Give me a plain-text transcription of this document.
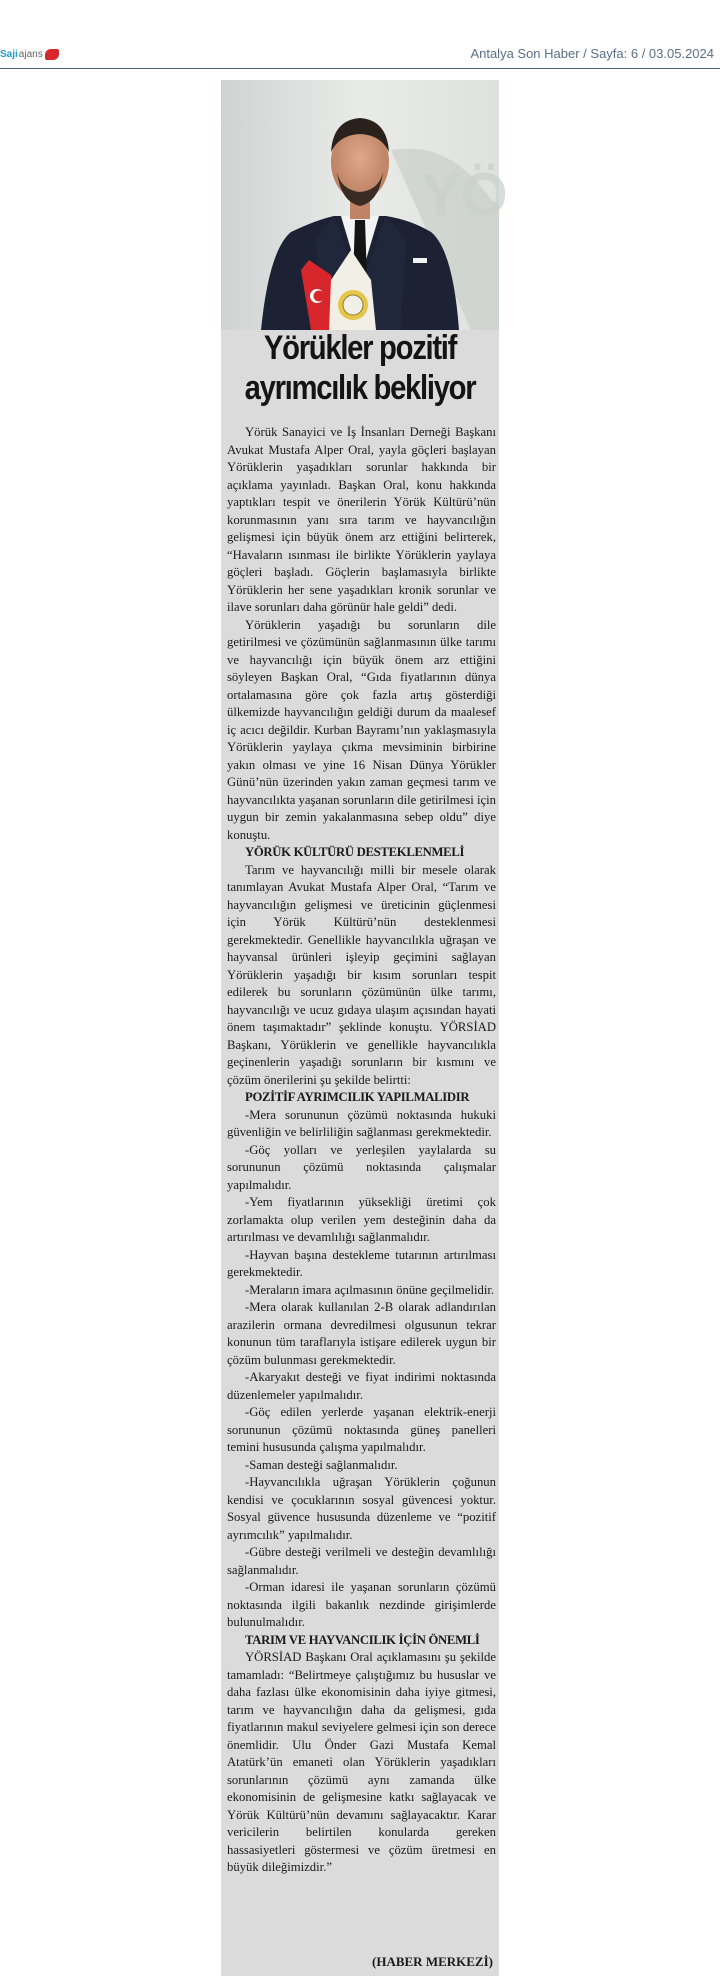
Saji ajans	Antalya Son Haber / Sayfa: 6 / 03.05.2024
YÖ
Yörükler pozitif
ayrımcılık bekliyor

Yörük Sanayici ve İş İnsanları Derneği Başkanı Avukat Mustafa Alper Oral, yayla göçleri başlayan Yörüklerin yaşadıkları sorunlar hakkında bir açıklama yayınladı. Başkan Oral, konu hakkında yaptıkları tespit ve önerilerin Yörük Kültürü’nün korunmasının yanı sıra tarım ve hayvancılığın gelişmesi için büyük önem arz ettiğini belirterek, “Havaların ısınması ile birlikte Yörüklerin yaylaya göçleri başladı. Göçlerin başlamasıyla birlikte Yörüklerin her sene yaşadıkları kronik sorunlar ve ilave sorunları daha görünür hale geldi” dedi.

Yörüklerin yaşadığı bu sorunların dile getirilmesi ve çözümünün sağlanmasının ülke tarımı ve hayvancılığı için büyük önem arz ettiğini söyleyen Başkan Oral, “Gıda fiyatlarının dünya ortalamasına göre çok fazla artış gösterdiği ülkemizde hayvancılığın geldiği durum da maalesef iç acıcı değildir. Kurban Bayramı’nın yaklaşmasıyla Yörüklerin yaylaya çıkma mevsiminin birbirine yakın olması ve yine 16 Nisan Dünya Yörükler Günü’nün üzerinden yakın zaman geçmesi tarım ve hayvancılıkta yaşanan sorunların dile getirilmesi için uygun bir zemin yakalanmasına sebep oldu” diye konuştu.

YÖRÜK KÜLTÜRÜ DESTEKLENMELİ

Tarım ve hayvancılığı milli bir mesele olarak tanımlayan Avukat Mustafa Alper Oral, “Tarım ve hayvancılığın gelişmesi ve üreticinin güçlenmesi için Yörük Kültürü’nün desteklenmesi gerekmektedir. Genellikle hayvancılıkla uğraşan ve hayvansal ürünleri işleyip geçimini sağlayan Yörüklerin yaşadığı bir kısım sorunları tespit edilerek bu sorunların çözümünün ülke tarımı, hayvancılığı ve ucuz gıdaya ulaşım açısından hayati önem taşımaktadır” şeklinde konuştu. YÖRSİAD Başkanı, Yörüklerin ve genellikle hayvancılıkla geçinenlerin yaşadığı sorunların bir kısmını ve çözüm önerilerini şu şekilde belirtti:

POZİTİF AYRIMCILIK YAPILMALIDIR

-Mera sorununun çözümü noktasında hukuki güvenliğin ve belirliliğin sağlanması gerekmektedir.

-Göç yolları ve yerleşilen yaylalarda su sorununun çözümü noktasında çalışmalar yapılmalıdır.

-Yem fiyatlarının yüksekliği üretimi çok zorlamakta olup verilen yem desteğinin daha da artırılması ve devamlılığı sağlanmalıdır.

-Hayvan başına destekleme tutarının artırılması gerekmektedir.

-Meraların imara açılmasının önüne geçilmelidir.

-Mera olarak kullanılan 2-B olarak adlandırılan arazilerin ormana devredilmesi olgusunun tekrar konunun tüm taraflarıyla istişare edilerek uygun bir çözüm bulunması gerekmektedir.

-Akaryakıt desteği ve fiyat indirimi noktasında düzenlemeler yapılmalıdır.

-Göç edilen yerlerde yaşanan elektrik-enerji sorununun çözümü noktasında güneş panelleri temini hususunda çalışma yapılmalıdır.

-Saman desteği sağlanmalıdır.

-Hayvancılıkla uğraşan Yörüklerin çoğunun kendisi ve çocuklarının sosyal güvencesi yoktur. Sosyal güvence hususunda düzenleme ve “pozitif ayrımcılık” yapılmalıdır.

-Gübre desteği verilmeli ve desteğin devamlılığı sağlanmalıdır.

-Orman idaresi ile yaşanan sorunların çözümü noktasında ilgili bakanlık nezdinde girişimlerde bulunulmalıdır.

TARIM VE HAYVANCILIK İÇİN ÖNEMLİ

YÖRSİAD Başkanı Oral açıklamasını şu şekilde tamamladı: “Belirtmeye çalıştığımız bu hususlar ve daha fazlası ülke ekonomisinin daha iyiye gitmesi, tarım ve hayvancılığın daha da gelişmesi, gıda fiyatlarının makul seviyelere gelmesi için son derece önemlidir. Ulu Önder Gazi Mustafa Kemal Atatürk’ün emaneti olan Yörüklerin yaşadıkları sorunlarının çözümü aynı zamanda ülke ekonomisinin de gelişmesine katkı sağlayacak ve Yörük Kültürü’nün devamını sağlayacaktır. Karar vericilerin belirtilen konularda gereken hassasiyetleri göstermesi ve çözüm üretmesi en büyük dileğimizdir.”

(HABER MERKEZİ)
